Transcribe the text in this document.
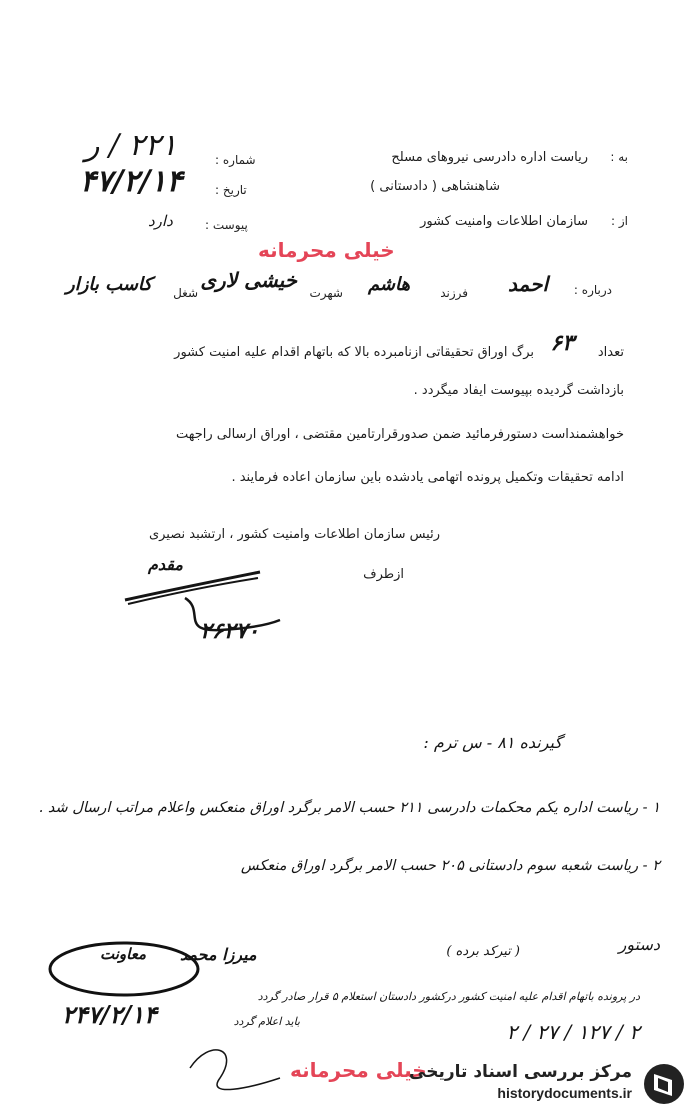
به :
ریاست اداره دادرسی نیروهای مسلح
شاهنشاهی ( دادستانی )
از :
سازمان اطلاعات وامنیت کشور
شماره :
۲۲۱ / ر
تاریخ :
۴۷/۲/۱۴
پیوست :
دارد
خیلی محرمانه
درباره :
احمد
فرزند
هاشم
شهرت
خیشی لاری
شغل
کاسب بازار
تعداد
۶۳
برگ اوراق تحقیقاتی ازنامبرده بالا که باتهام اقدام علیه امنیت کشور
بازداشت گردیده بپیوست ایفاد میگردد .
خواهشمنداست دستورفرمائید ضمن صدورقرارتامین مقتضی ، اوراق ارسالی راجهت
ادامه تحقیقات وتکمیل پرونده اتهامی یادشده باین سازمان اعاده فرمایند .
رئیس سازمان اطلاعات وامنیت کشور ، ارتشبد نصیری
ازطرف
مقدم
۲۶۲۷۰
گیرنده ۸۱ - س ترم :
۱ - ریاست اداره یکم محکمات دادرسی ۲۱۱ حسب الامر برگرد اوراق منعکس واعلام مراتب ارسال شد .
۲ - ریاست شعبه سوم دادستانی ۲۰۵ حسب الامر برگرد اوراق منعکس
( تیرکد برده )	دستور
در پرونده باتهام اقدام علیه امنیت کشور درکشور دادستان استعلام ۵ قرار صادر گردد
باید اعلام گردد
معاونت میرزا محمد
۲۴۷/۲/۱۴
خیلی محرمانه
۲ / ۲۷ / ۱۲۷ / ۲
مرکز بررسی اسناد تاریخی
historydocuments.ir
